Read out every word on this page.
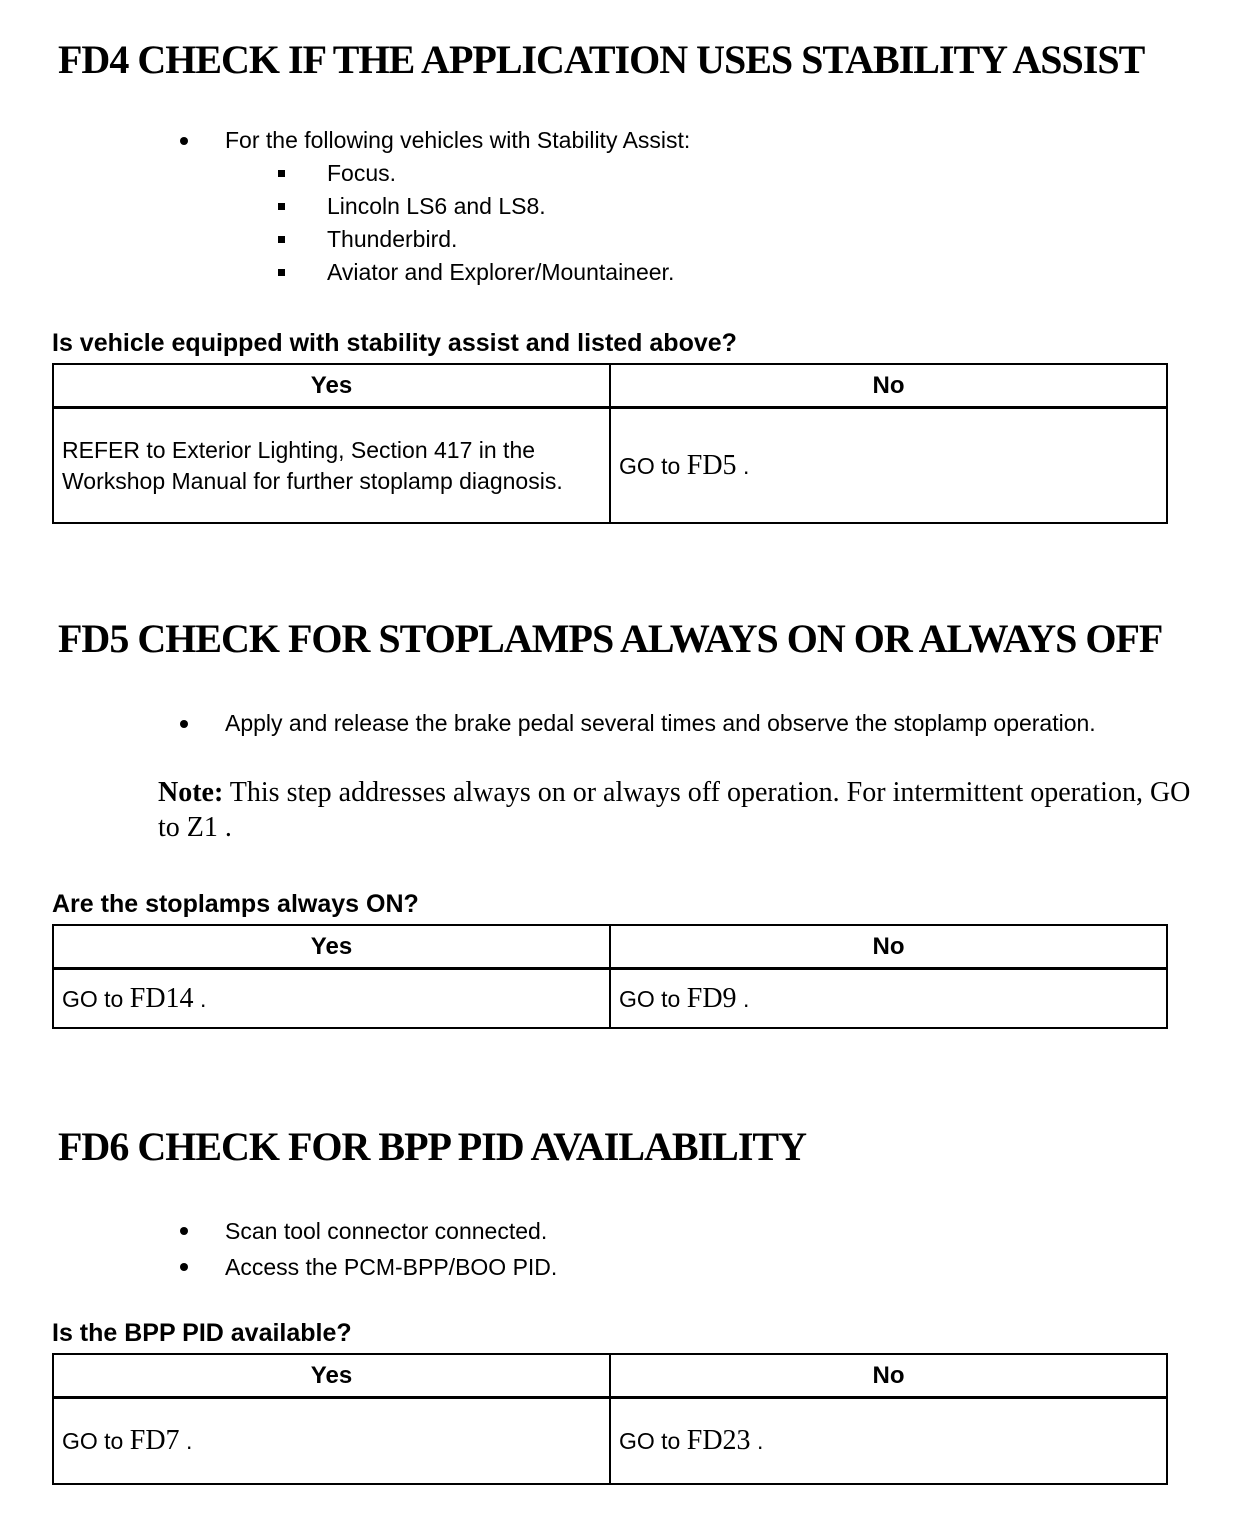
FD4 CHECK IF THE APPLICATION USES STABILITY ASSIST
For the following vehicles with Stability Assist:
Focus.
Lincoln LS6 and LS8.
Thunderbird.
Aviator and Explorer/Mountaineer.

Is vehicle equipped with stability assist and listed above?

Yes	No
REFER to Exterior Lighting, Section 417 in the Workshop Manual for further stoplamp diagnosis.	GO to FD5 .
FD5 CHECK FOR STOPLAMPS ALWAYS ON OR ALWAYS OFF
Apply and release the brake pedal several times and observe the stoplamp operation.

Note: This step addresses always on or always off operation. For intermittent operation, GO to Z1 .

Are the stoplamps always ON?

Yes	No
GO to FD14 .	GO to FD9 .
FD6 CHECK FOR BPP PID AVAILABILITY
Scan tool connector connected.
Access the PCM-BPP/BOO PID.

Is the BPP PID available?

Yes	No
GO to FD7 .	GO to FD23 .
